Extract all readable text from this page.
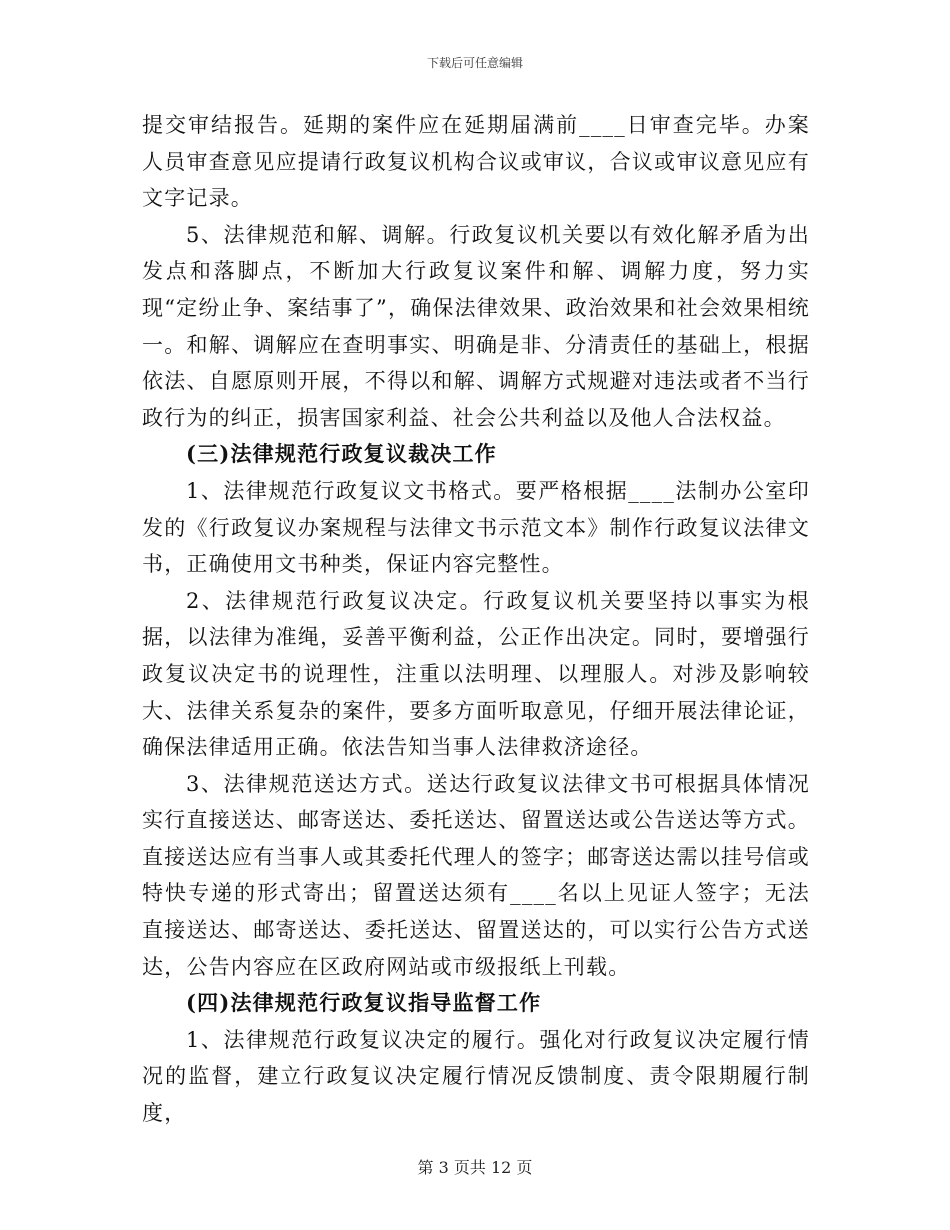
下载后可任意编辑

提交审结报告。延期的案件应在延期届满前____日审查完毕。办案人员审查意见应提请行政复议机构合议或审议，合议或审议意见应有文字记录。

5、法律规范和解、调解。行政复议机关要以有效化解矛盾为出发点和落脚点，不断加大行政复议案件和解、调解力度，努力实现“定纷止争、案结事了”，确保法律效果、政治效果和社会效果相统一。和解、调解应在查明事实、明确是非、分清责任的基础上，根据依法、自愿原则开展，不得以和解、调解方式规避对违法或者不当行政行为的纠正，损害国家利益、社会公共利益以及他人合法权益。

(三)法律规范行政复议裁决工作

1、法律规范行政复议文书格式。要严格根据____法制办公室印发的《行政复议办案规程与法律文书示范文本》制作行政复议法律文书，正确使用文书种类，保证内容完整性。

2、法律规范行政复议决定。行政复议机关要坚持以事实为根据，以法律为准绳，妥善平衡利益，公正作出决定。同时，要增强行政复议决定书的说理性，注重以法明理、以理服人。对涉及影响较大、法律关系复杂的案件，要多方面听取意见，仔细开展法律论证，确保法律适用正确。依法告知当事人法律救济途径。

3、法律规范送达方式。送达行政复议法律文书可根据具体情况实行直接送达、邮寄送达、委托送达、留置送达或公告送达等方式。直接送达应有当事人或其委托代理人的签字；邮寄送达需以挂号信或特快专递的形式寄出；留置送达须有____名以上见证人签字；无法直接送达、邮寄送达、委托送达、留置送达的，可以实行公告方式送达，公告内容应在区政府网站或市级报纸上刊载。

(四)法律规范行政复议指导监督工作

1、法律规范行政复议决定的履行。强化对行政复议决定履行情况的监督，建立行政复议决定履行情况反馈制度、责令限期履行制度，

第 3 页共 12 页
